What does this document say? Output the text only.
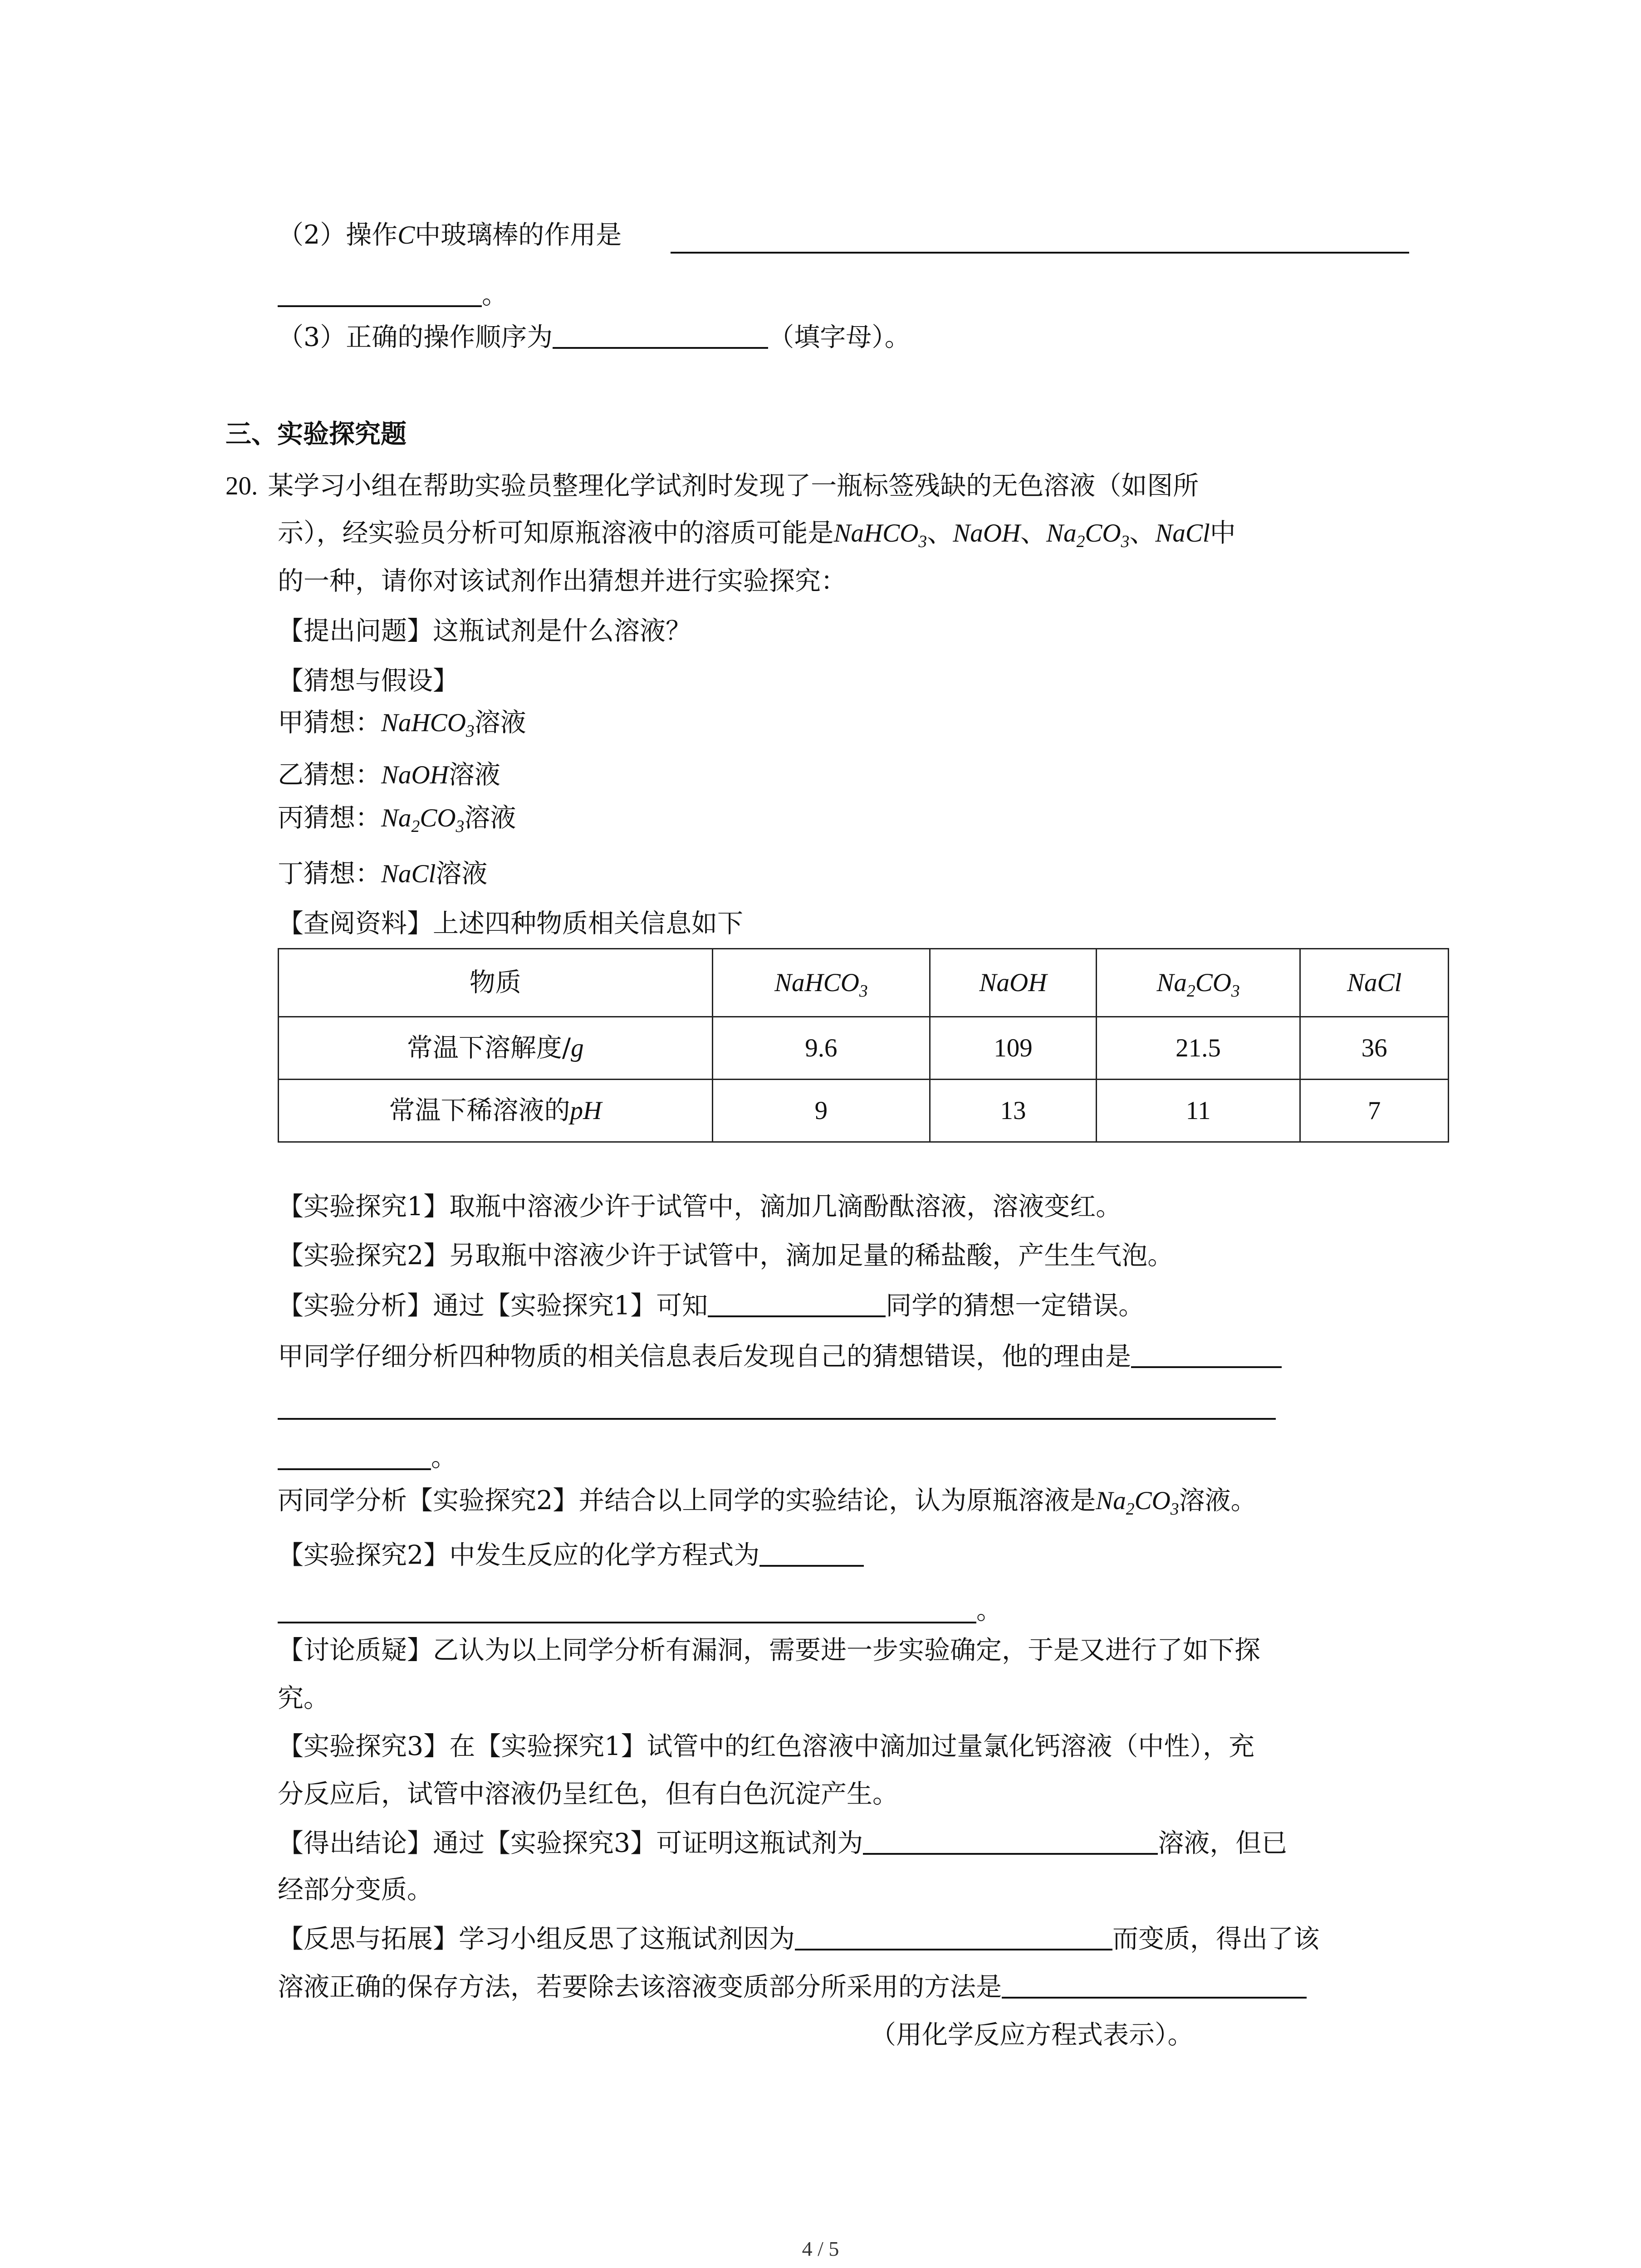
（2）操作C中玻璃棒的作用是
。
（3）正确的操作顺序为	（填字母）。
三、实验探究题
20. 某学习小组在帮助实验员整理化学试剂时发现了一瓶标签残缺的无色溶液（如图所
示），经实验员分析可知原瓶溶液中的溶质可能是NaHCO$_3$、NaOH、$Na_2CO_3$、NaCl中
的一种，请你对该试剂作出猜想并进行实验探究：
【提出问题】这瓶试剂是什么溶液？
【猜想与假设】
甲猜想：NaHCO$_3$溶液
乙猜想：NaOH溶液
丙猜想：$Na_2CO_3$溶液
丁猜想：NaCl溶液
【查阅资料】上述四种物质相关信息如下
物质	NaHCO$_3$	NaOH	$Na_2CO_3$	NaCl
常温下溶解度/g	9.6	109	21.5	36
常温下稀溶液的pH	9	13	11	7
【实验探究1】取瓶中溶液少许于试管中，滴加几滴酚酞溶液，溶液变红。
【实验探究2】另取瓶中溶液少许于试管中，滴加足量的稀盐酸，产生生气泡。
【实验分析】通过【实验探究1】可知	同学的猜想一定错误。
甲同学仔细分析四种物质的相关信息表后发现自己的猜想错误，他的理由是
。
丙同学分析【实验探究2】并结合以上同学的实验结论，认为原瓶溶液是$Na_2CO_3$溶液。
【实验探究2】中发生反应的化学方程式为
。
【讨论质疑】乙认为以上同学分析有漏洞，需要进一步实验确定，于是又进行了如下探
究。
【实验探究3】在【实验探究1】试管中的红色溶液中滴加过量氯化钙溶液（中性），充
分反应后，试管中溶液仍呈红色，但有白色沉淀产生。
【得出结论】通过【实验探究3】可证明这瓶试剂为	溶液，但已
经部分变质。
【反思与拓展】学习小组反思了这瓶试剂因为	而变质，得出了该
溶液正确的保存方法，若要除去该溶液变质部分所采用的方法是
（用化学反应方程式表示）。
4 / 5
